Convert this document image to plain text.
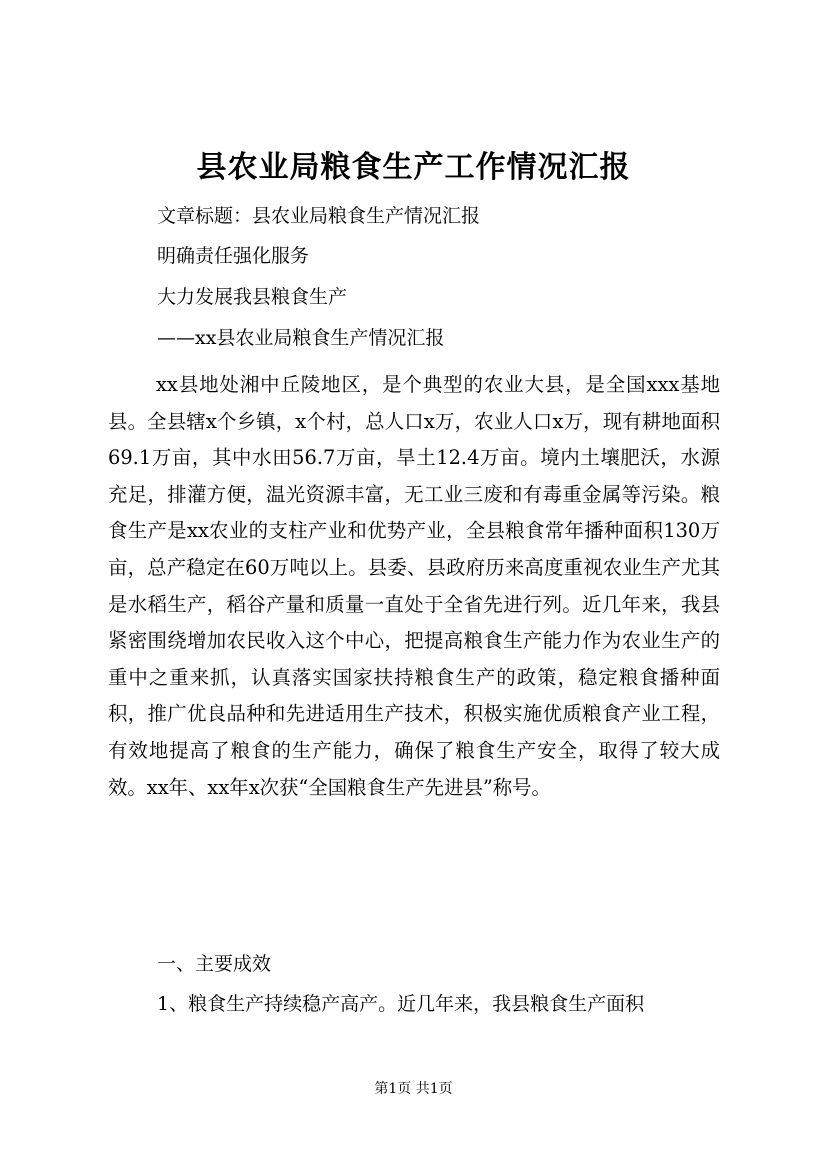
县农业局粮食生产工作情况汇报

文章标题：县农业局粮食生产情况汇报

明确责任强化服务

大力发展我县粮食生产

——xx县农业局粮食生产情况汇报

xx县地处湘中丘陵地区，是个典型的农业大县，是全国xxx基地县。全县辖x个乡镇，x个村，总人口x万，农业人口x万，现有耕地面积69.1万亩，其中水田56.7万亩，旱土12.4万亩。境内土壤肥沃，水源充足，排灌方便，温光资源丰富，无工业三废和有毒重金属等污染。粮食生产是xx农业的支柱产业和优势产业，全县粮食常年播种面积130万亩，总产稳定在60万吨以上。县委、县政府历来高度重视农业生产尤其是水稻生产，稻谷产量和质量一直处于全省先进行列。近几年来，我县紧密围绕增加农民收入这个中心，把提高粮食生产能力作为农业生产的重中之重来抓，认真落实国家扶持粮食生产的政策，稳定粮食播种面积，推广优良品种和先进适用生产技术，积极实施优质粮食产业工程，有效地提高了粮食的生产能力，确保了粮食生产安全，取得了较大成效。xx年、xx年x次获“全国粮食生产先进县”称号。

一、主要成效

1、粮食生产持续稳产高产。近几年来，我县粮食生产面积

第1页 共1页
